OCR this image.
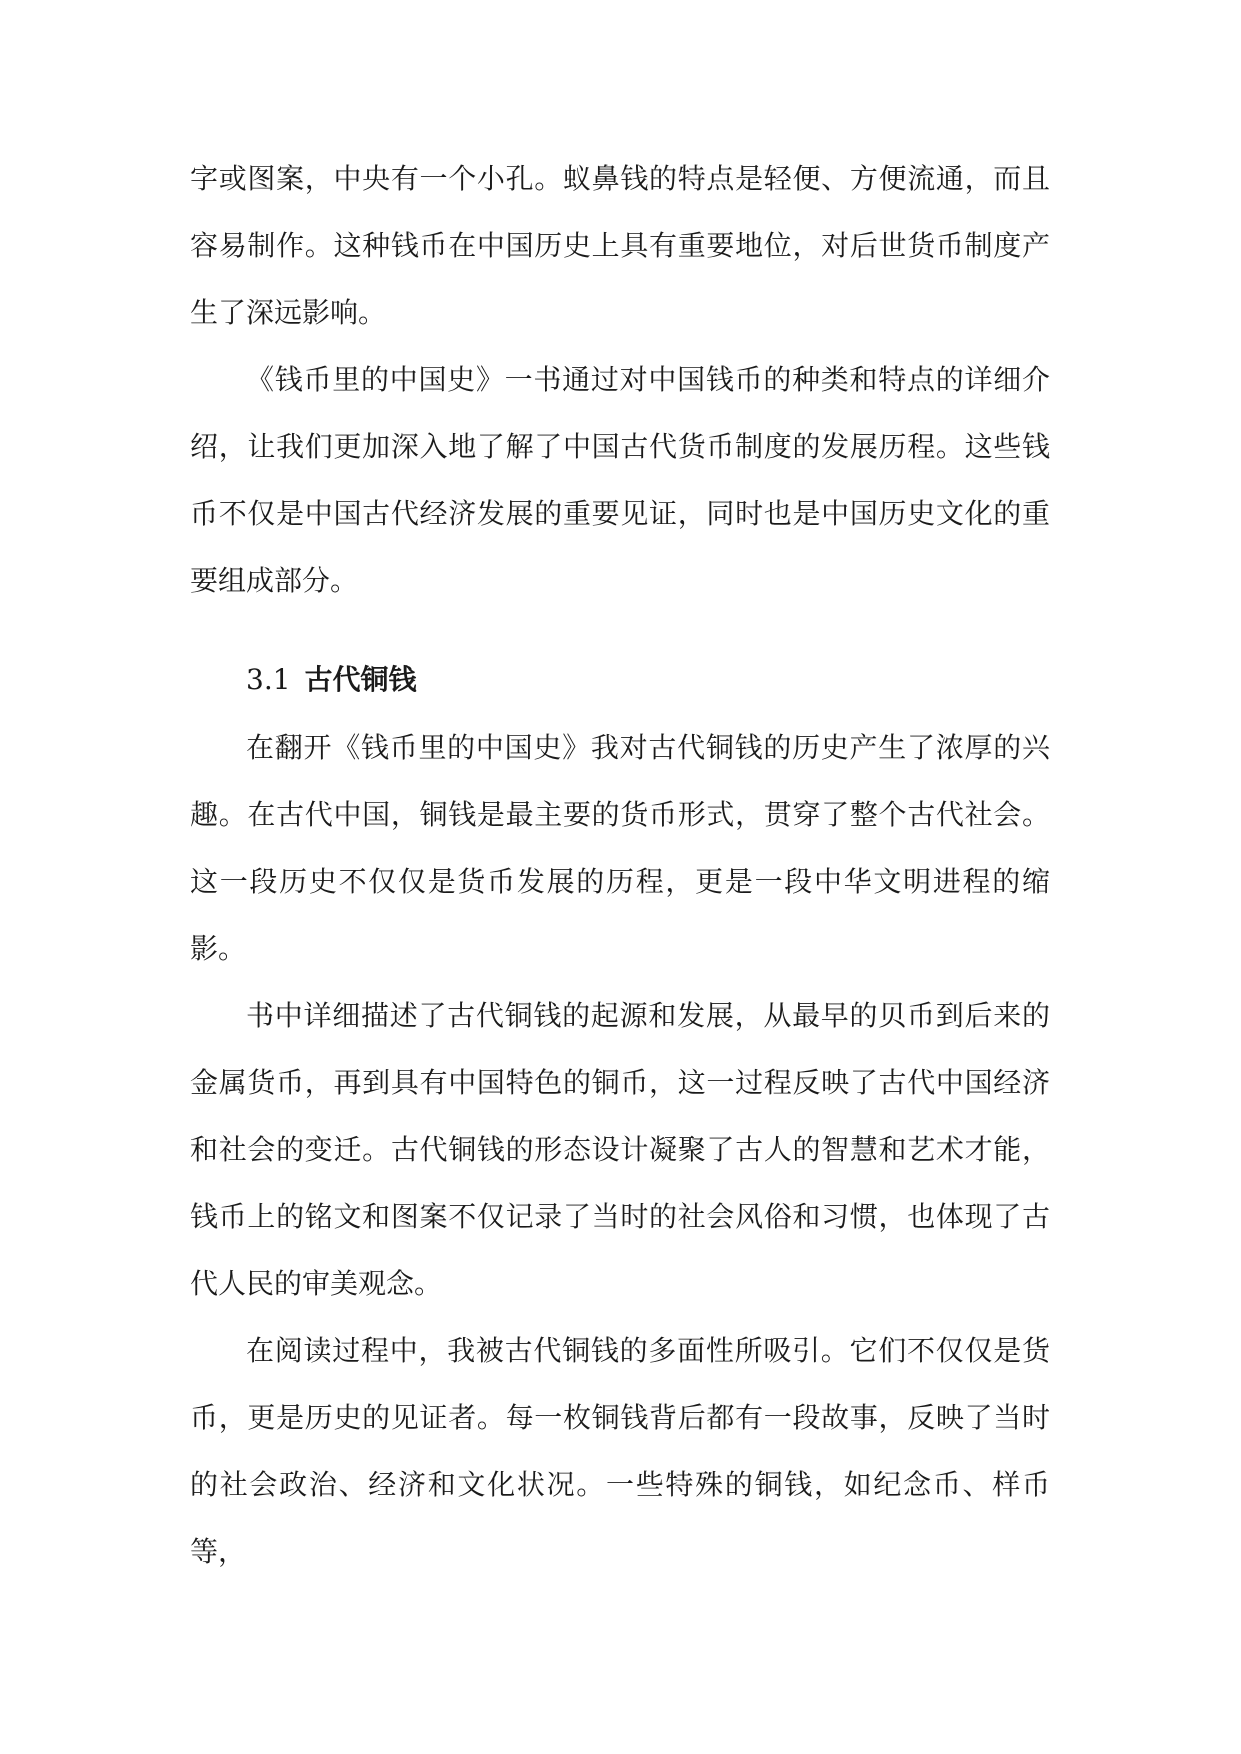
字或图案，中央有一个小孔。蚁鼻钱的特点是轻便、方便流通，而且容易制作。这种钱币在中国历史上具有重要地位，对后世货币制度产生了深远影响。

《钱币里的中国史》一书通过对中国钱币的种类和特点的详细介绍，让我们更加深入地了解了中国古代货币制度的发展历程。这些钱币不仅是中国古代经济发展的重要见证，同时也是中国历史文化的重要组成部分。

3.1 古代铜钱

在翻开《钱币里的中国史》我对古代铜钱的历史产生了浓厚的兴趣。在古代中国，铜钱是最主要的货币形式，贯穿了整个古代社会。这一段历史不仅仅是货币发展的历程，更是一段中华文明进程的缩影。

书中详细描述了古代铜钱的起源和发展，从最早的贝币到后来的金属货币，再到具有中国特色的铜币，这一过程反映了古代中国经济和社会的变迁。古代铜钱的形态设计凝聚了古人的智慧和艺术才能，钱币上的铭文和图案不仅记录了当时的社会风俗和习惯，也体现了古代人民的审美观念。

在阅读过程中，我被古代铜钱的多面性所吸引。它们不仅仅是货币，更是历史的见证者。每一枚铜钱背后都有一段故事，反映了当时的社会政治、经济和文化状况。一些特殊的铜钱，如纪念币、样币等，
